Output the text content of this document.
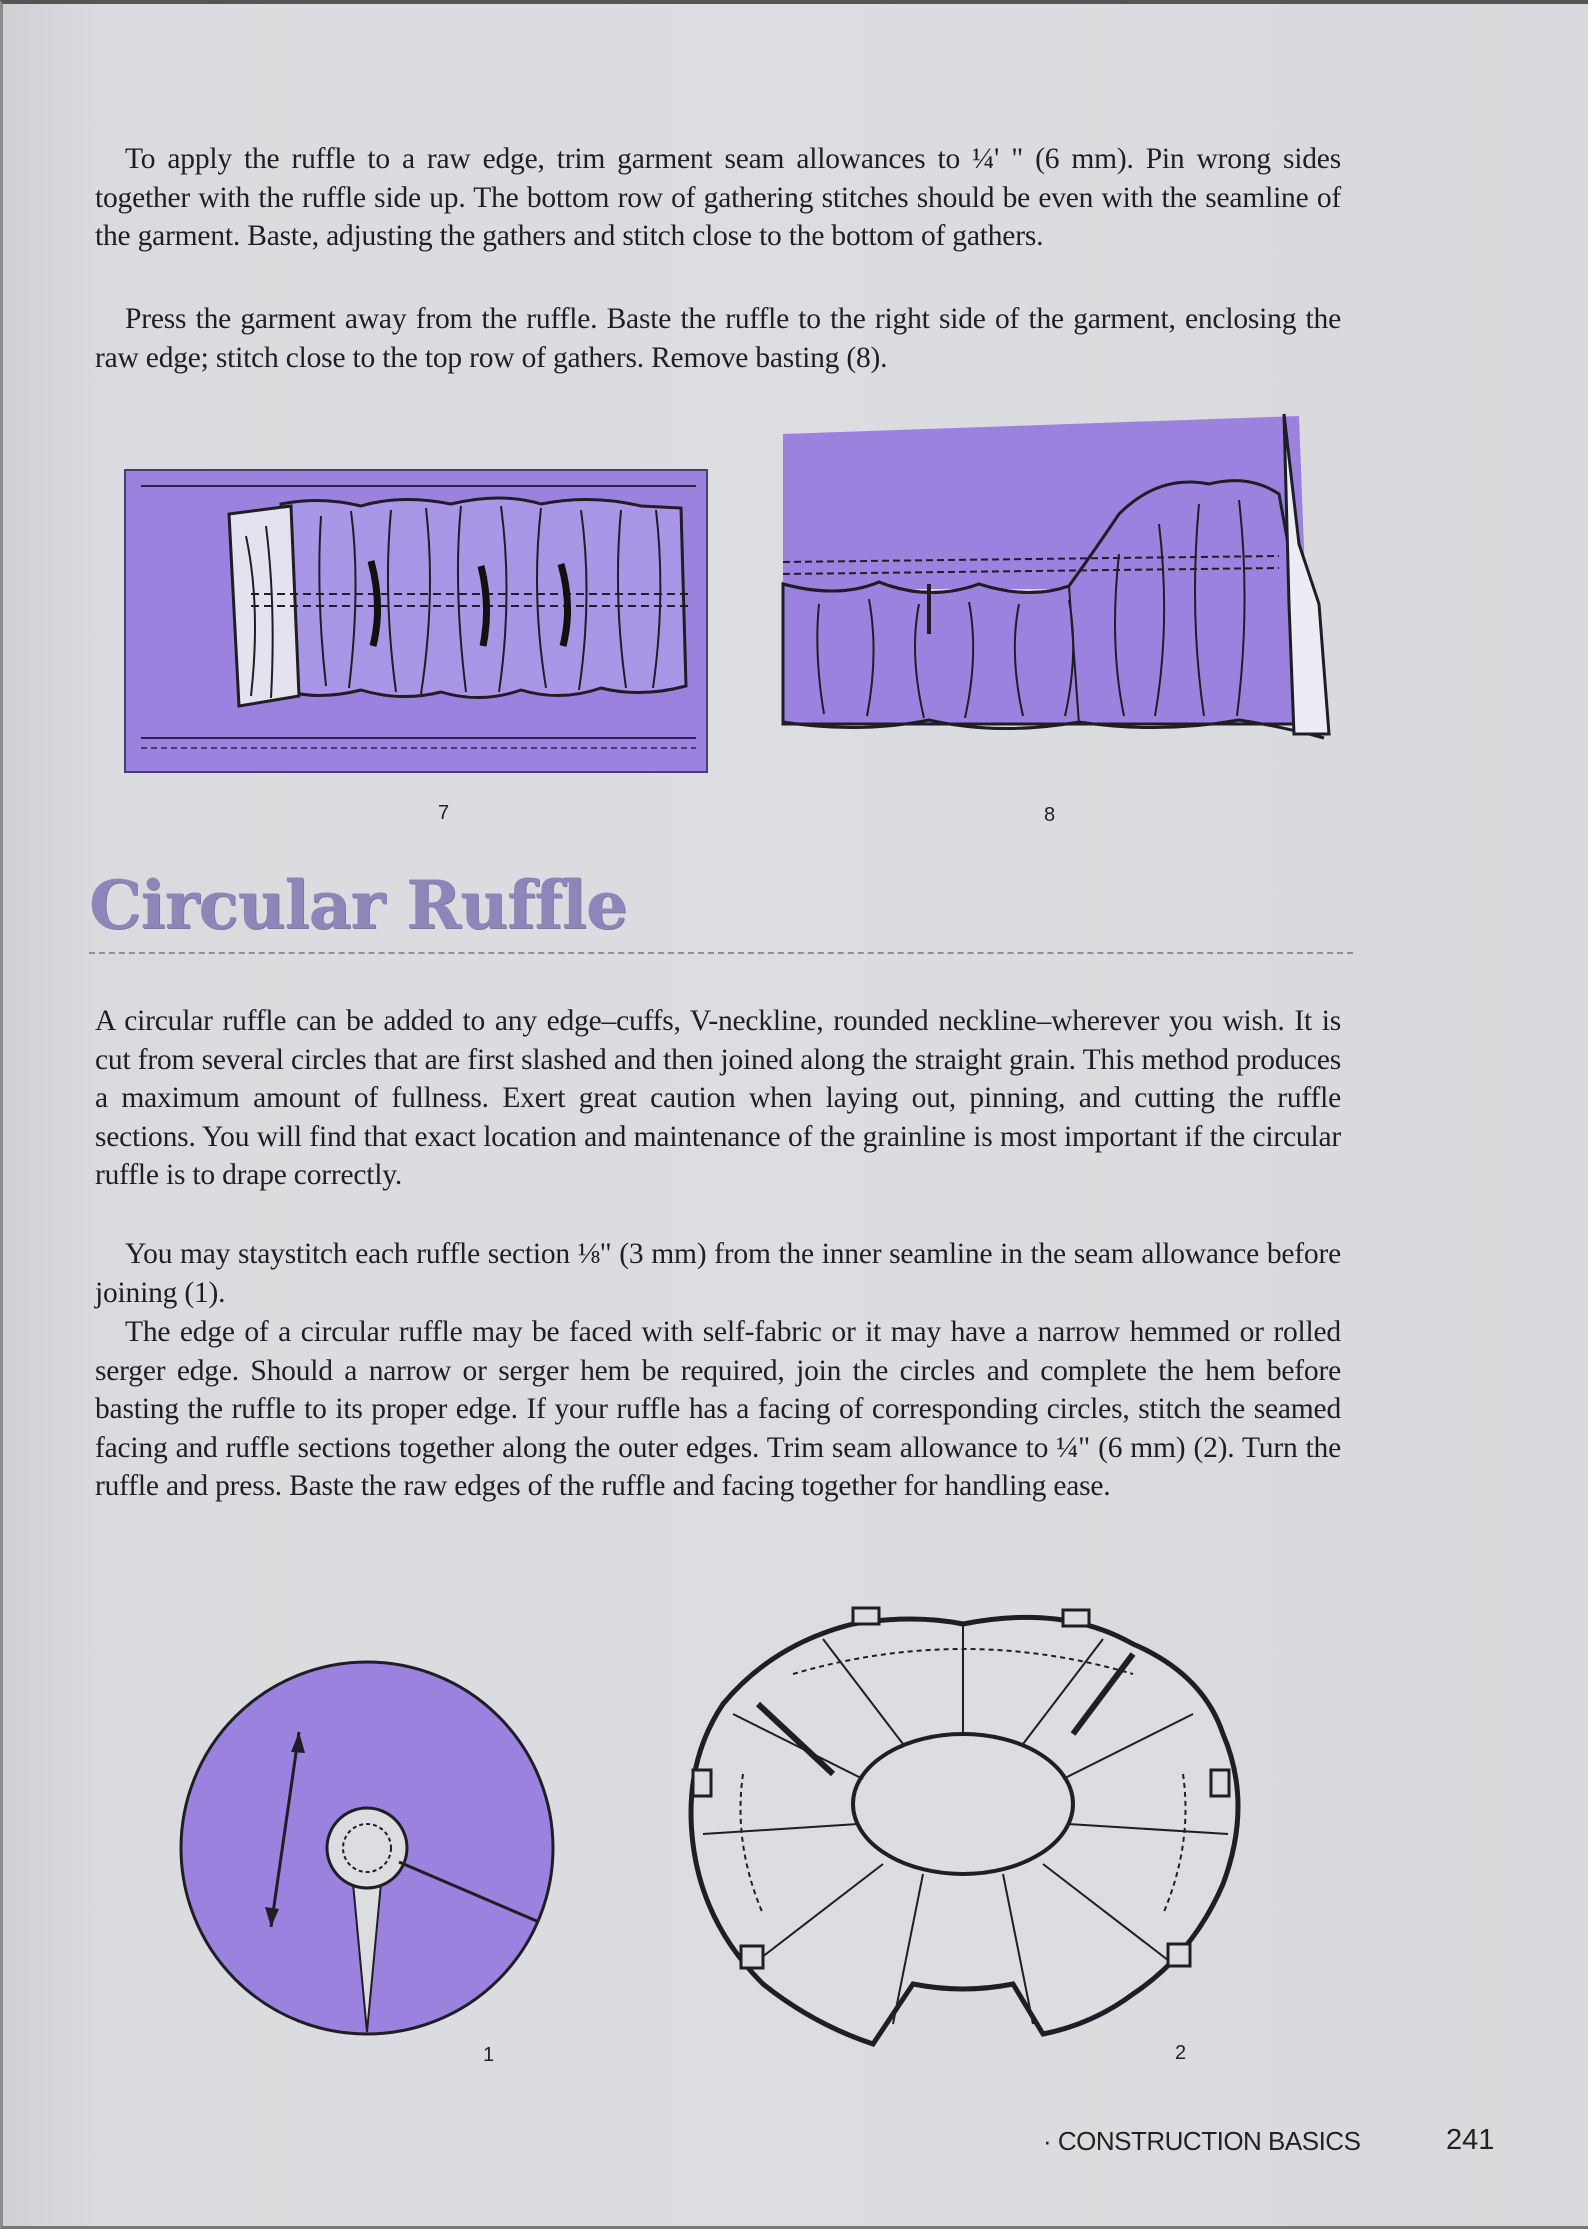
To apply the ruffle to a raw edge, trim garment seam allowances to ¼' " (6 mm). Pin wrong sides together with the ruffle side up. The bottom row of gathering stitches should be even with the seamline of the garment. Baste, adjusting the gathers and stitch close to the bottom of gathers.

Press the garment away from the ruffle. Baste the ruffle to the right side of the garment, enclosing the raw edge; stitch close to the top row of gathers. Remove basting (8).

7	8
Circular Ruffle

A circular ruffle can be added to any edge–cuffs, V-neckline, rounded neckline–wherever you wish. It is cut from several circles that are first slashed and then joined along the straight grain. This method produces a maximum amount of fullness. Exert great caution when laying out, pinning, and cutting the ruffle sections. You will find that exact location and maintenance of the grainline is most important if the circular ruffle is to drape correctly.

You may staystitch each ruffle section ⅛" (3 mm) from the inner seamline in the seam allowance before joining (1).

The edge of a circular ruffle may be faced with self-fabric or it may have a narrow hemmed or rolled serger edge. Should a narrow or serger hem be required, join the circles and complete the hem before basting the ruffle to its proper edge. If your ruffle has a facing of corresponding circles, stitch the seamed facing and ruffle sections together along the outer edges. Trim seam allowance to ¼" (6 mm) (2). Turn the ruffle and press. Baste the raw edges of the ruffle and facing together for handling ease.

1	2
· CONSTRUCTION BASICS	241
